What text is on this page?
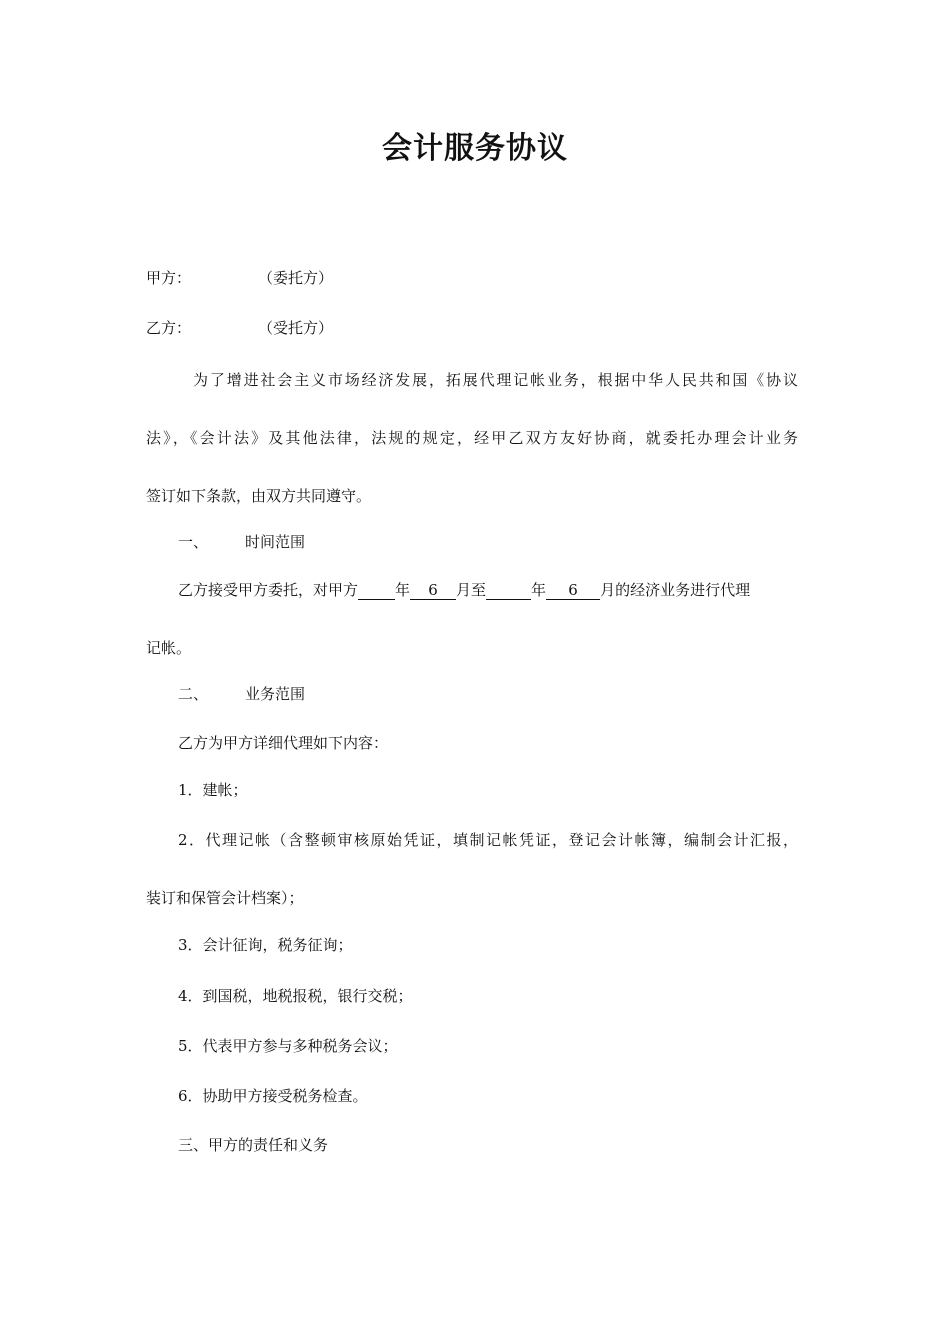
会计服务协议
甲方：	（委托方）
乙方：	（受托方）
为了增进社会主义市场经济发展，拓展代理记帐业务，根据中华人民共和国《协议
法》，《会计法》及其他法律，法规的规定，经甲乙双方友好协商，就委托办理会计业务
签订如下条款，由双方共同遵守。
一、 时间范围
乙方接受甲方委托，对甲方 年	6	月至	年	6	月的经济业务进行代理
记帐。
二、 业务范围
乙方为甲方详细代理如下内容：
1．建帐；
2．代理记帐（含整顿审核原始凭证，填制记帐凭证，登记会计帐簿，编制会计汇报，
装订和保管会计档案）；
3．会计征询，税务征询；
4．到国税，地税报税，银行交税；
5．代表甲方参与多种税务会议；
6．协助甲方接受税务检查。
三、甲方的责任和义务
